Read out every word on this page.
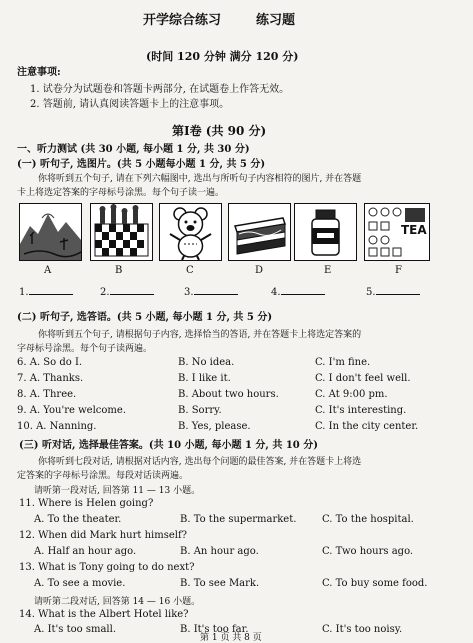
开学综合练习	练习题
(时间 120 分钟 满分 120 分)
注意事项:
1. 试卷分为试题卷和答题卡两部分, 在试题卷上作答无效。
2. 答题前, 请认真阅读答题卡上的注意事项。
第Ⅰ卷 (共 90 分)
一、听力测试 (共 30 小题, 每小题 1 分, 共 30 分)
(一) 听句子, 选图片。(共 5 小题每小题 1 分, 共 5 分)
你将听到五个句子, 请在下列六幅图中, 选出与所听句子内容相符的图片, 并在答题
卡上将选定答案的字母标号涂黑。每个句子读一遍。
TEA
A	B	C	D	E	F
1.	2.	3.	4.	5.
(二) 听句子, 选答语。(共 5 小题, 每小题 1 分, 共 5 分)
你将听到五个句子, 请根据句子内容, 选择恰当的答语, 并在答题卡上将选定答案的
字母标号涂黑。每个句子读两遍。
6. A. So do I.	B. No idea.	C. I'm fine.
7. A. Thanks.	B. I like it.	C. I don't feel well.
8. A. Three.	B. About two hours.	C. At 9:00 pm.
9. A. You're welcome.	B. Sorry.	C. It's interesting.
10. A. Nanning.	B. Yes, please.	C. In the city center.
(三) 听对话, 选择最佳答案。(共 10 小题, 每小题 1 分, 共 10 分)
你将听到七段对话, 请根据对话内容, 选出每个问题的最佳答案, 并在答题卡上将选
定答案的字母标号涂黑。每段对话读两遍。
请听第一段对话, 回答第 11 — 13 小题。
11. Where is Helen going?
A. To the theater.	B. To the supermarket.	C. To the hospital.
12. When did Mark hurt himself?
A. Half an hour ago.	B. An hour ago.	C. Two hours ago.
13. What is Tony going to do next?
A. To see a movie.	B. To see Mark.	C. To buy some food.
请听第二段对话, 回答第 14 — 16 小题。
14. What is the Albert Hotel like?
A. It's too small.	B. It's too far.	C. It's too noisy.
第 1 页 共 8 页
